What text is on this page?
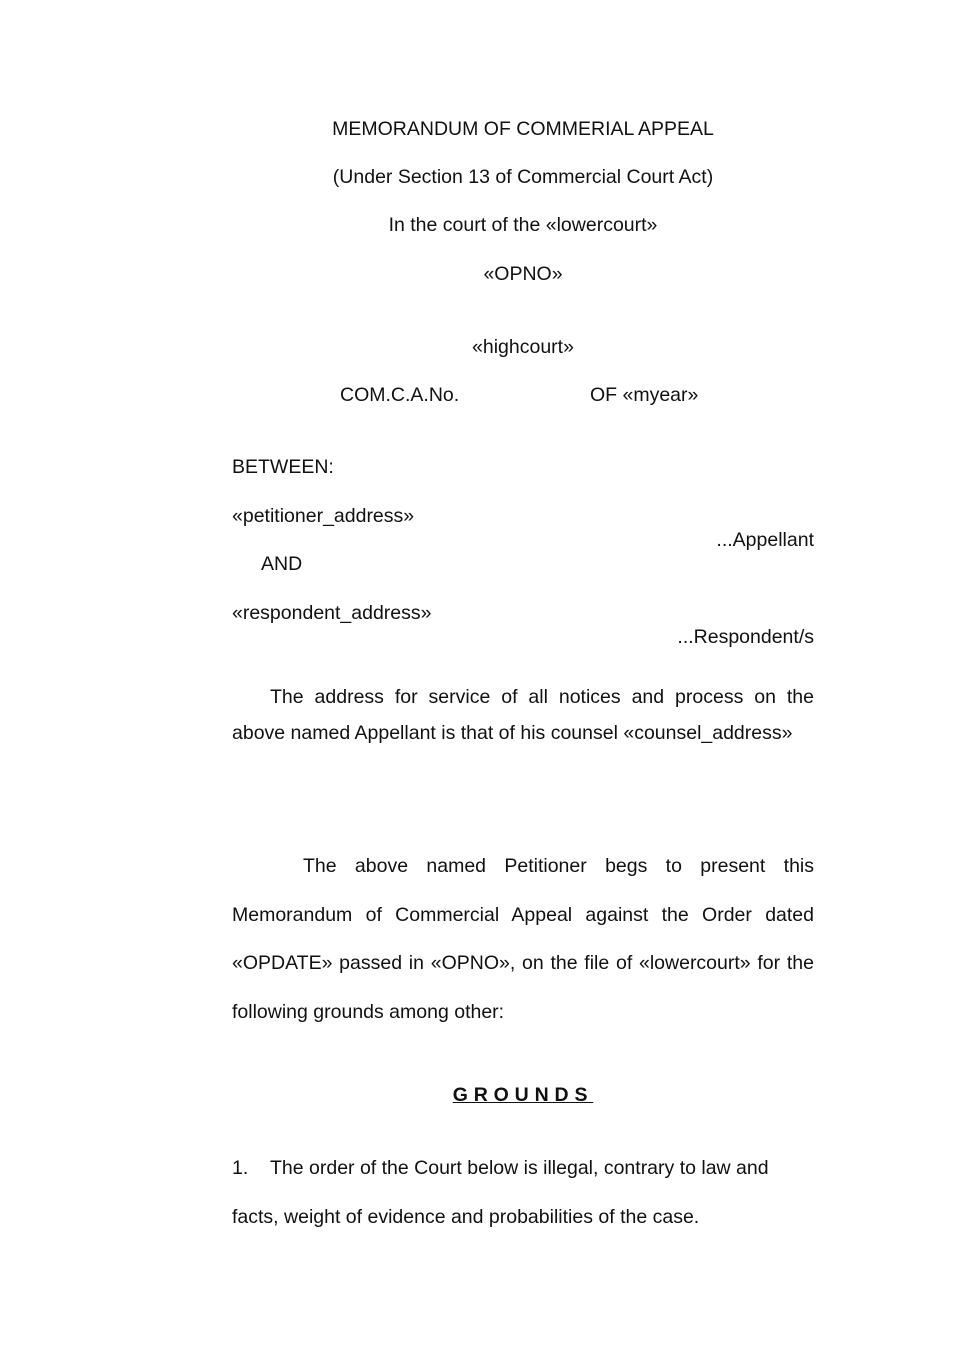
MEMORANDUM OF COMMERIAL APPEAL
(Under Section 13 of Commercial Court Act)
In the court of the «lowercourt»
«OPNO»
«highcourt»
COM.C.A.No.	OF «myear»
BETWEEN:
«petitioner_address»
...Appellant
AND
«respondent_address»
...Respondent/s
The address for service of all notices and process on the above named Appellant is that of his counsel «counsel_address»
The above named Petitioner begs to present this Memorandum of Commercial Appeal against the Order dated «OPDATE» passed in «OPNO», on the file of «lowercourt» for the following grounds among other:
GROUNDS
1. The order of the Court below is illegal, contrary to law and facts, weight of evidence and probabilities of the case.
